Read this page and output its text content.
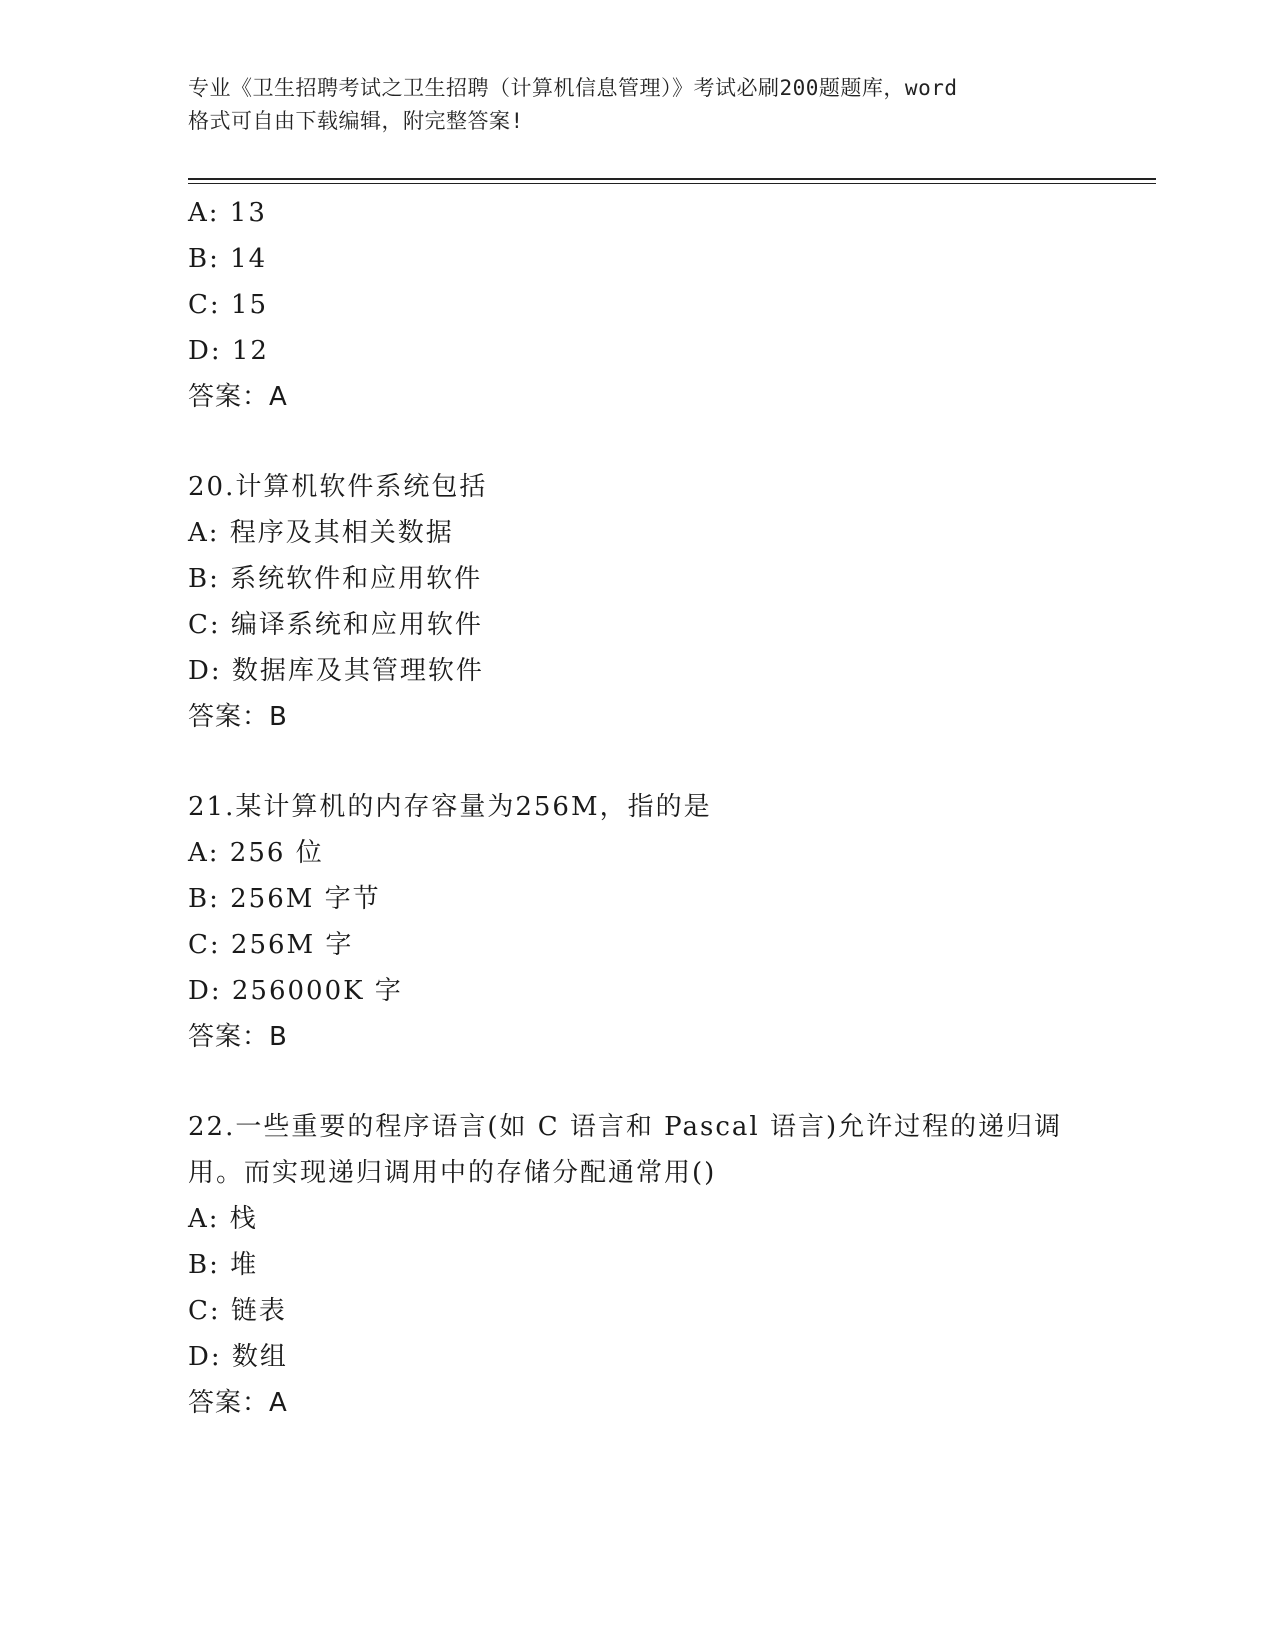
专业《卫生招聘考试之卫生招聘（计算机信息管理）》考试必刷200题题库，word
格式可自由下载编辑，附完整答案!
A: 13
B: 14
C: 15
D: 12
答案：A
20.计算机软件系统包括
A: 程序及其相关数据
B: 系统软件和应用软件
C: 编译系统和应用软件
D: 数据库及其管理软件
答案：B
21.某计算机的内存容量为256M，指的是
A: 256 位
B: 256M 字节
C: 256M 字
D: 256000K 字
答案：B
22.一些重要的程序语言(如 C 语言和 Pascal 语言)允许过程的递归调
用。而实现递归调用中的存储分配通常用()
A: 栈
B: 堆
C: 链表
D: 数组
答案：A
